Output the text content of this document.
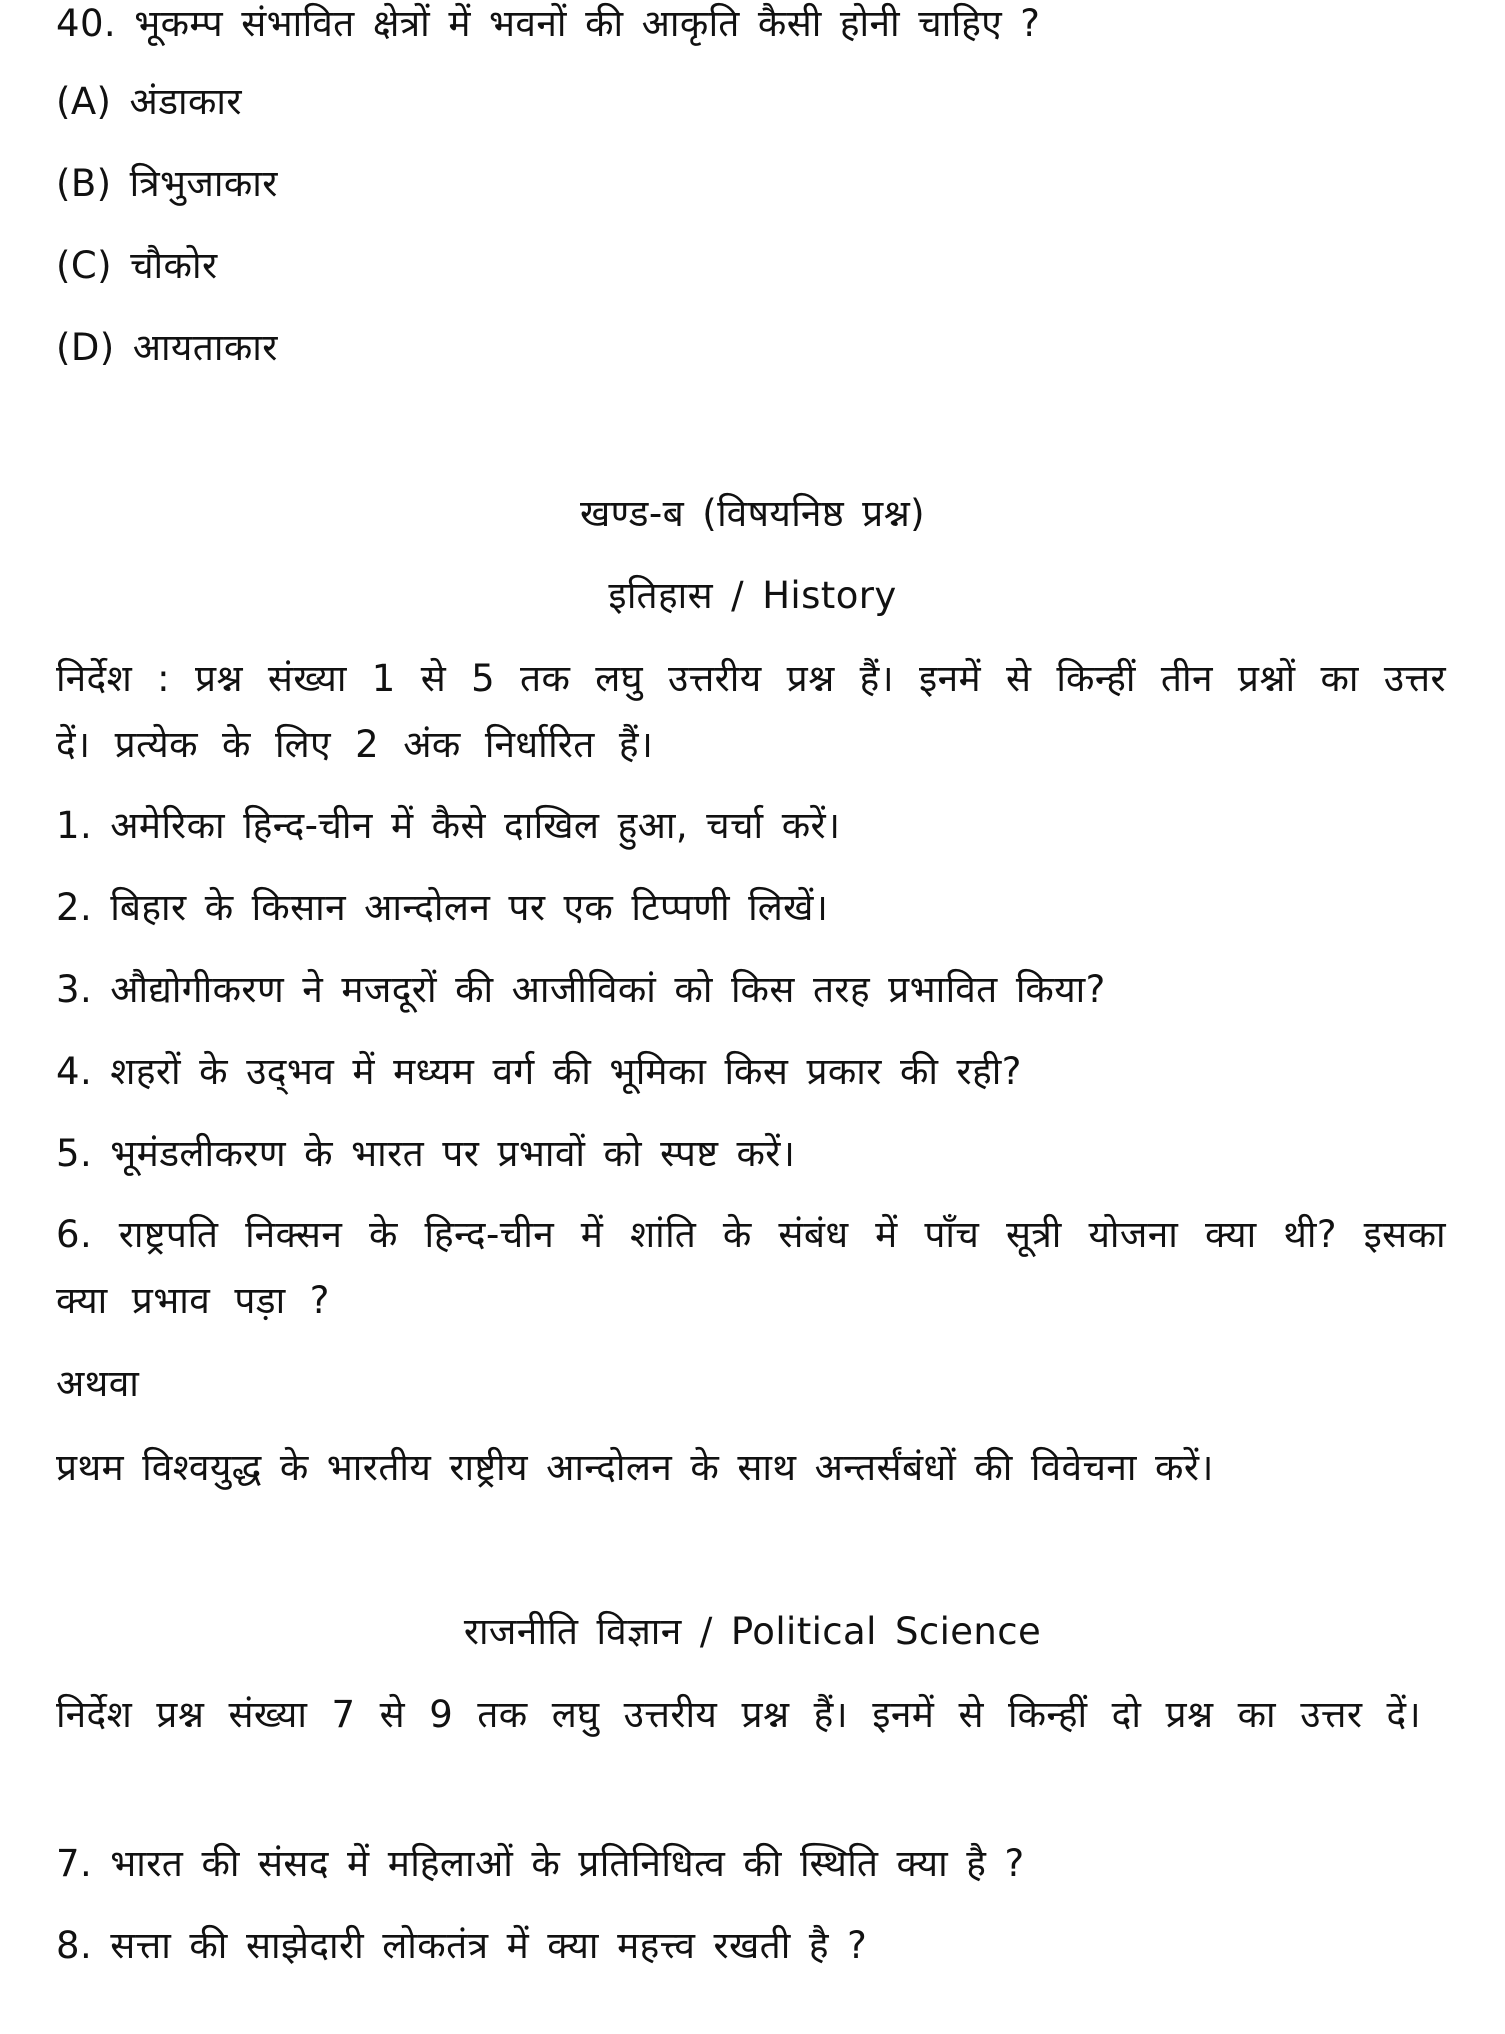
40. भूकम्प संभावित क्षेत्रों में भवनों की आकृति कैसी होनी चाहिए ?
(A) अंडाकार
(B) त्रिभुजाकार
(C) चौकोर
(D) आयताकार
खण्ड-ब (विषयनिष्ठ प्रश्न)
इतिहास / History
निर्देश : प्रश्न संख्या 1 से 5 तक लघु उत्तरीय प्रश्न हैं। इनमें से किन्हीं तीन प्रश्नों का उत्तर दें। प्रत्येक के लिए 2 अंक निर्धारित हैं।
1. अमेरिका हिन्द-चीन में कैसे दाखिल हुआ, चर्चा करें।
2. बिहार के किसान आन्दोलन पर एक टिप्पणी लिखें।
3. औद्योगीकरण ने मजदूरों की आजीविकां को किस तरह प्रभावित किया?
4. शहरों के उद्‌भव में मध्यम वर्ग की भूमिका किस प्रकार की रही?
5. भूमंडलीकरण के भारत पर प्रभावों को स्पष्ट करें।
6. राष्ट्रपति निक्सन के हिन्द-चीन में शांति के संबंध में पाँच सूत्री योजना क्या थी? इसका क्या प्रभाव पड़ा ?
अथवा
प्रथम विश्वयुद्ध के भारतीय राष्ट्रीय आन्दोलन के साथ अन्तर्संबंधों की विवेचना करें।
राजनीति विज्ञान / Political Science
निर्देश प्रश्न संख्या 7 से 9 तक लघु उत्तरीय प्रश्न हैं। इनमें से किन्हीं दो प्रश्न का उत्तर दें।
7. भारत की संसद में महिलाओं के प्रतिनिधित्व की स्थिति क्या है ?
8. सत्ता की साझेदारी लोकतंत्र में क्या महत्त्व रखती है ?
